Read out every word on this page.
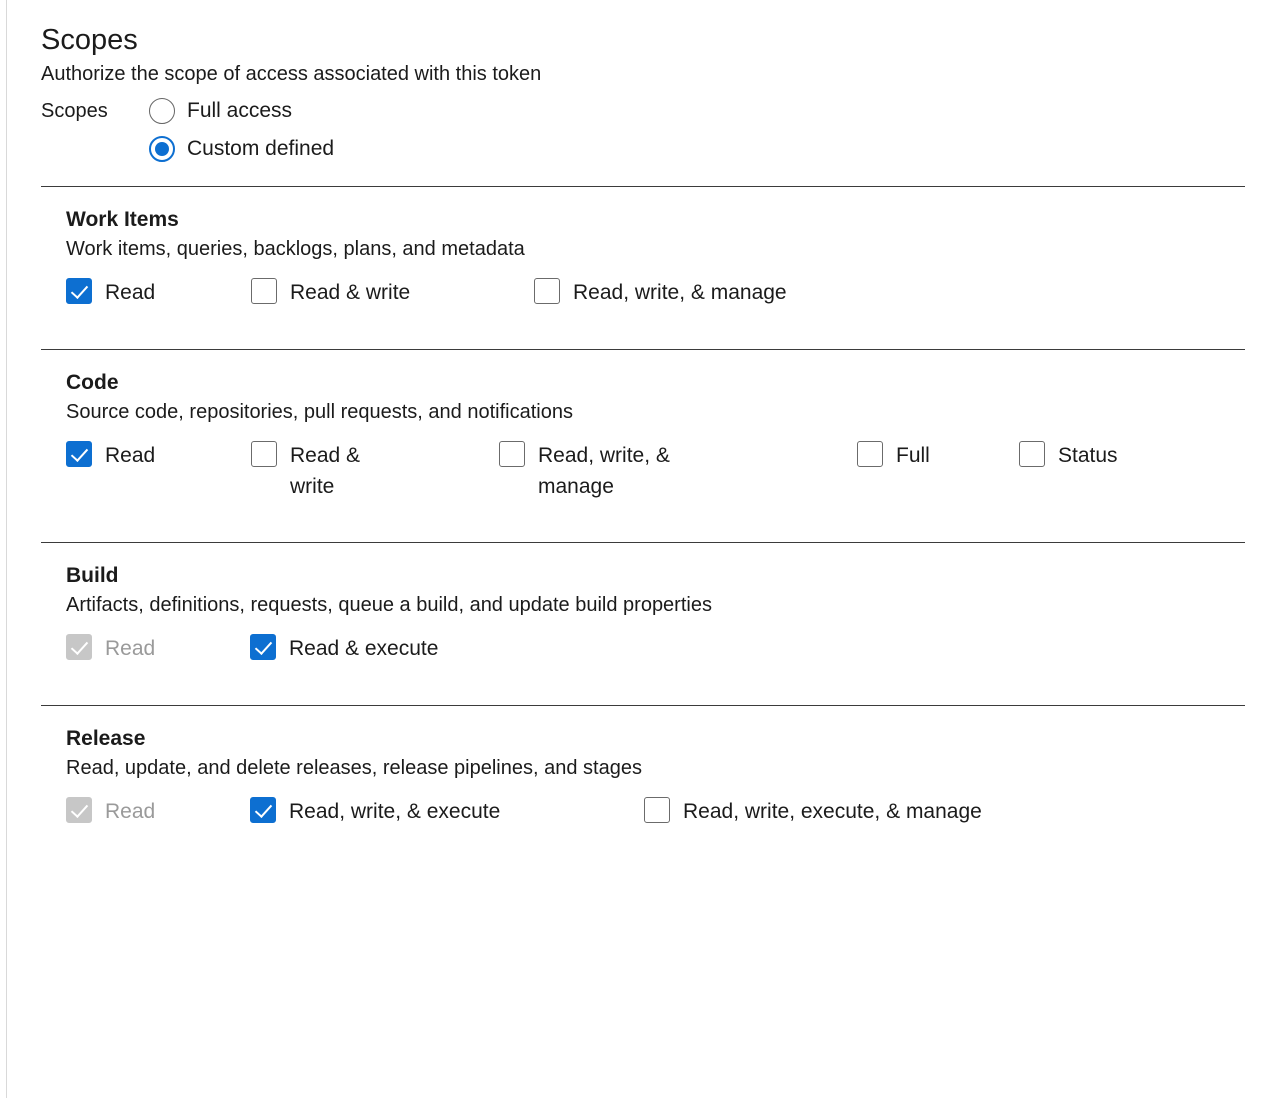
Scopes

Authorize the scope of access associated with this token

Scopes	Full access
Custom defined
Work Items
Work items, queries, backlogs, plans, and metadata
Read	Read & write	Read, write, & manage
Code
Source code, repositories, pull requests, and notifications
Read	Read & write
Read, write, & manage
Full	Status
Build
Artifacts, definitions, requests, queue a build, and update build properties
Read	Read & execute
Release
Read, update, and delete releases, release pipelines, and stages
Read	Read, write, & execute	Read, write, execute, & manage
